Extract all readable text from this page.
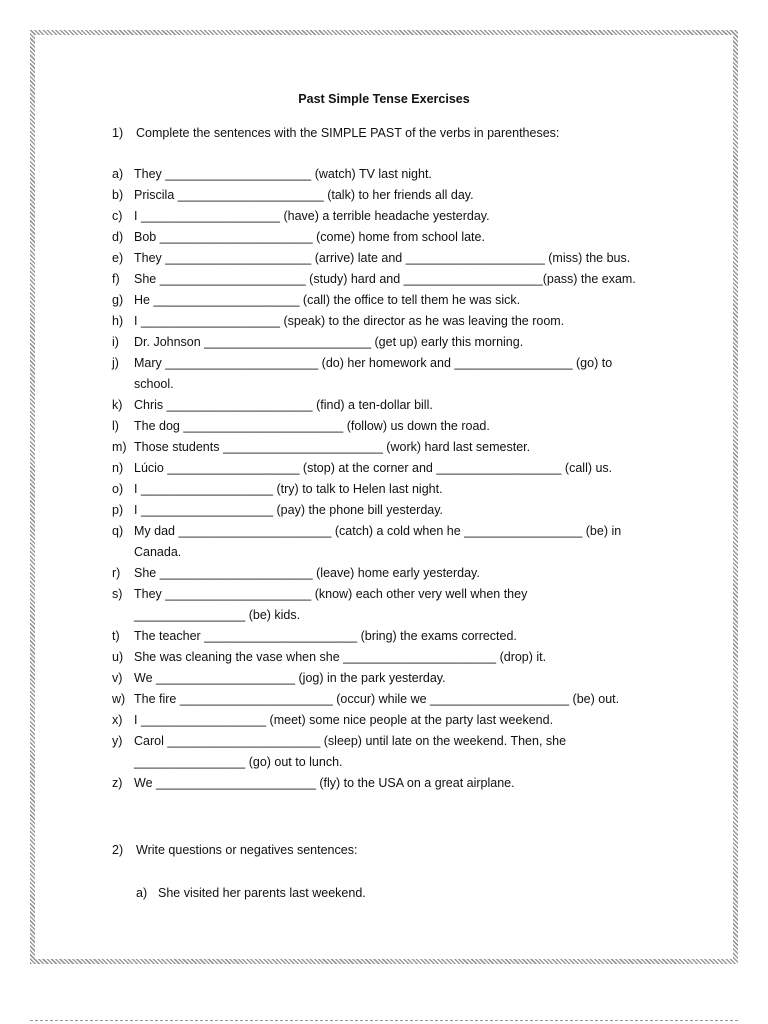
Past Simple Tense Exercises
1) Complete the sentences with the SIMPLE PAST of the verbs in parentheses:
a) They _____________________ (watch) TV last night.
b) Priscila _____________________ (talk) to her friends all day.
c) I ____________________ (have) a terrible headache yesterday.
d) Bob ______________________ (come) home from school late.
e) They _____________________ (arrive) late and ____________________ (miss) the bus.
f) She _____________________ (study) hard and ____________________(pass) the exam.
g) He _____________________ (call) the office to tell them he was sick.
h) I ____________________ (speak) to the director as he was leaving the room.
i) Dr. Johnson ________________________ (get up) early this morning.
j) Mary ______________________ (do) her homework and _________________ (go) to
school.
k) Chris _____________________ (find) a ten-dollar bill.
l) The dog _______________________ (follow) us down the road.
m) Those students _______________________ (work) hard last semester.
n) Lúcio ___________________ (stop) at the corner and __________________ (call) us.
o) I ___________________ (try) to talk to Helen last night.
p) I ___________________ (pay) the phone bill yesterday.
q) My dad ______________________ (catch) a cold when he _________________ (be) in
Canada.
r) She ______________________ (leave) home early yesterday.
s) They _____________________ (know) each other very well when they
________________ (be) kids.
t) The teacher ______________________ (bring) the exams corrected.
u) She was cleaning the vase when she ______________________ (drop) it.
v) We ____________________ (jog) in the park yesterday.
w) The fire ______________________ (occur) while we ____________________ (be) out.
x) I __________________ (meet) some nice people at the party last weekend.
y) Carol ______________________ (sleep) until late on the weekend. Then, she
________________ (go) out to lunch.
z) We _______________________ (fly) to the USA on a great airplane.
2) Write questions or negatives sentences:
a) She visited her parents last weekend.
